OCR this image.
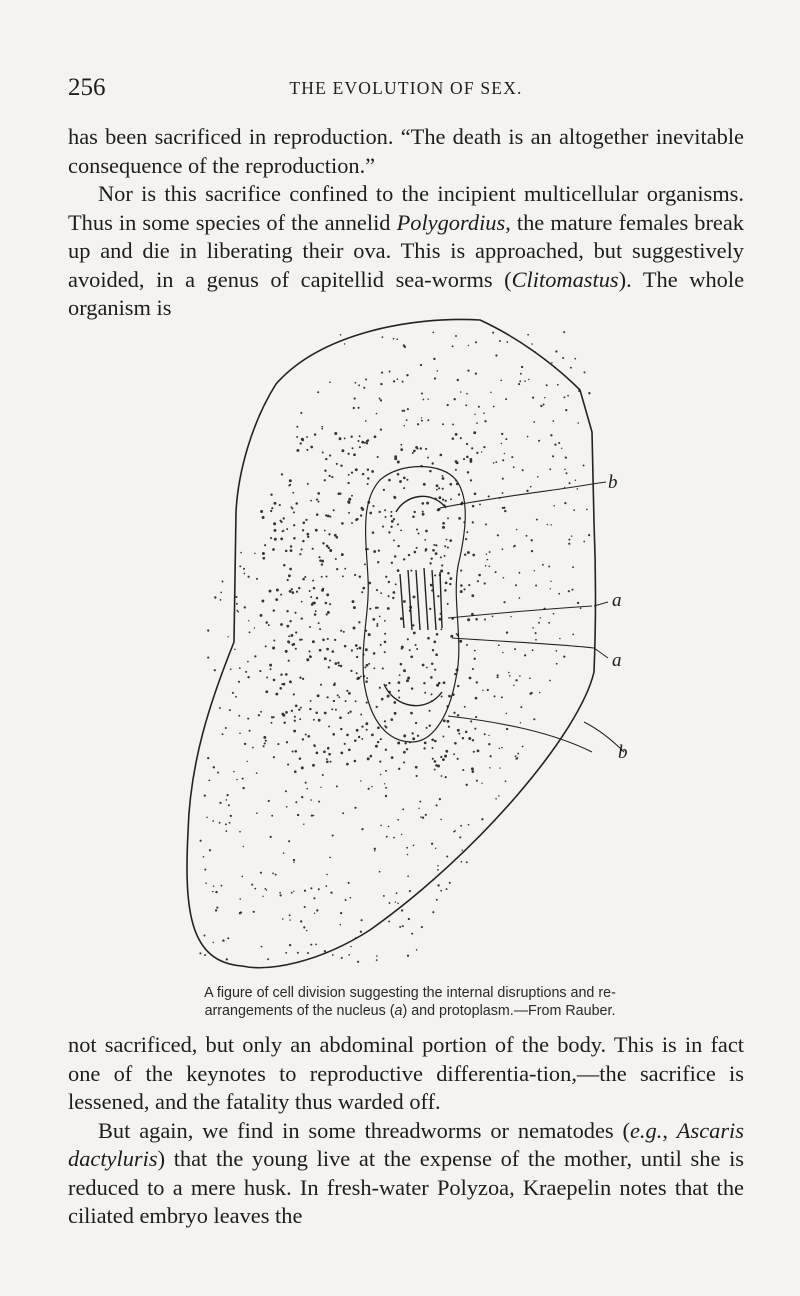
256	THE EVOLUTION OF SEX.

has been sacrificed in reproduction. “The death is an altogether inevitable consequence of the reproduction.”

Nor is this sacrifice confined to the incipient multicellular organisms. Thus in some species of the annelid Polygordius, the mature females break up and die in liberating their ova. This is approached, but suggestively avoided, in a genus of capitellid sea-worms (Clitomastus). The whole organism is

b
a
a
b
A figure of cell division suggesting the internal disruptions and re-
arrangements of the nucleus (a) and protoplasm.—From Rauber.

not sacrificed, but only an abdominal portion of the body. This is in fact one of the keynotes to reproductive differentia-tion,—the sacrifice is lessened, and the fatality thus warded off.

But again, we find in some threadworms or nematodes (e.g., Ascaris dactyluris) that the young live at the expense of the mother, until she is reduced to a mere husk. In fresh-water Polyzoa, Kraepelin notes that the ciliated embryo leaves the
